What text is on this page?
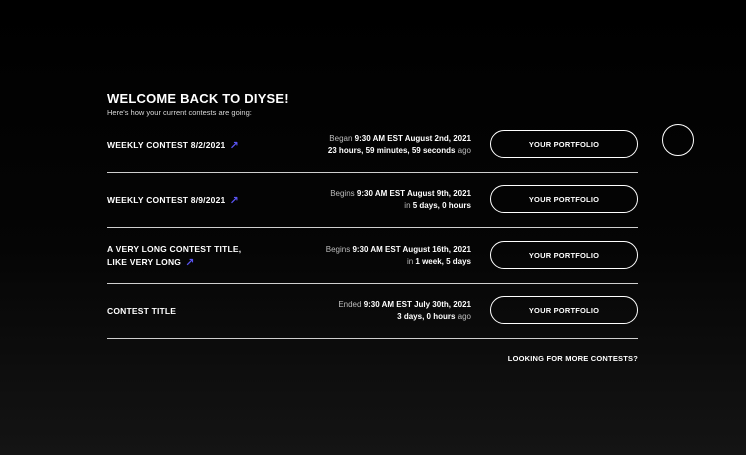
WELCOME BACK TO DIYSE!
Here's how your current contests are going:
WEEKLY CONTEST 8/2/2021 ↗
Began 9:30 AM EST August 2nd, 2021
23 hours, 59 minutes, 59 seconds ago
YOUR PORTFOLIO
WEEKLY CONTEST 8/9/2021 ↗
Begins 9:30 AM EST August 9th, 2021
in 5 days, 0 hours
YOUR PORTFOLIO
A VERY LONG CONTEST TITLE,
LIKE VERY LONG ↗
Begins 9:30 AM EST August 16th, 2021
in 1 week, 5 days
YOUR PORTFOLIO
CONTEST TITLE
Ended 9:30 AM EST July 30th, 2021
3 days, 0 hours ago
YOUR PORTFOLIO
LOOKING FOR MORE CONTESTS?
